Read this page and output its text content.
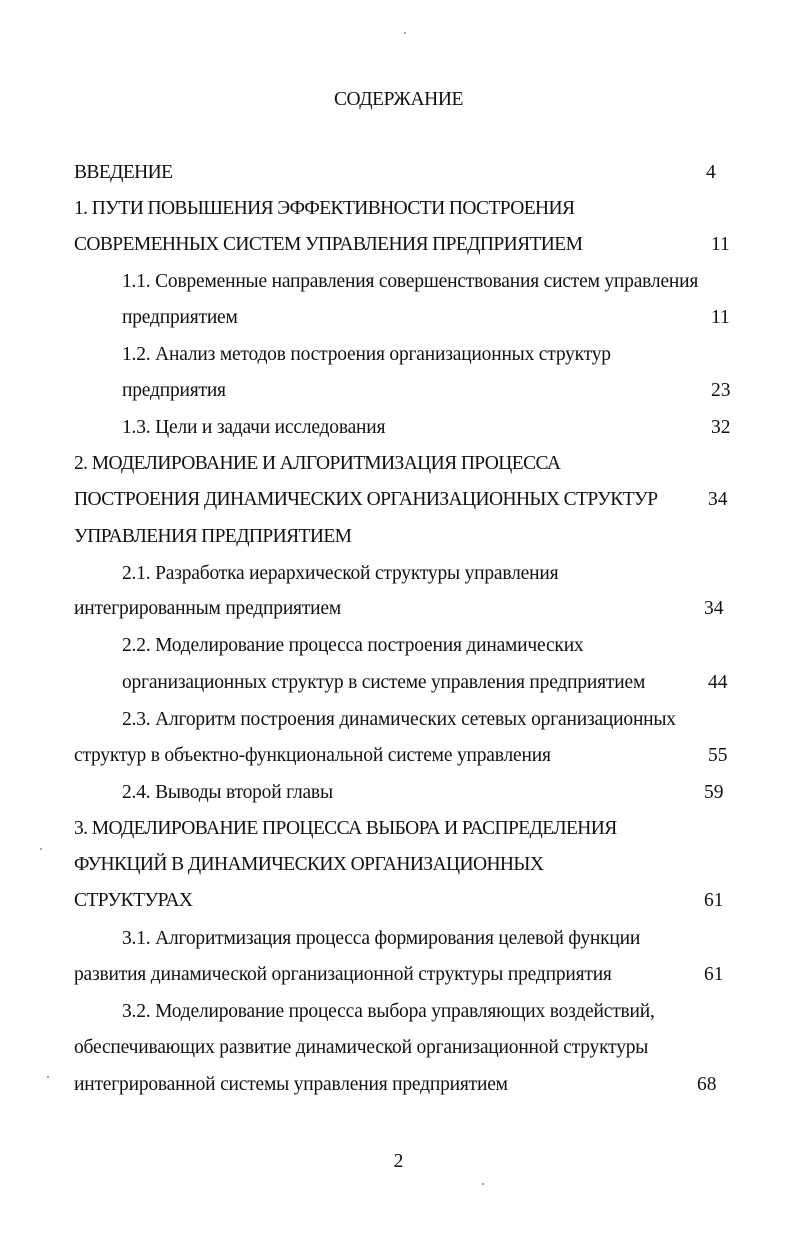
СОДЕРЖАНИЕ
ВВЕДЕНИЕ	4
1. ПУТИ ПОВЫШЕНИЯ ЭФФЕКТИВНОСТИ ПОСТРОЕНИЯ
СОВРЕМЕННЫХ СИСТЕМ УПРАВЛЕНИЯ ПРЕДПРИЯТИЕМ	11
1.1. Современные направления совершенствования систем управления
предприятием	11
1.2. Анализ методов построения организационных структур
предприятия	23
1.3. Цели и задачи исследования	32
2. МОДЕЛИРОВАНИЕ И АЛГОРИТМИЗАЦИЯ ПРОЦЕССА
ПОСТРОЕНИЯ ДИНАМИЧЕСКИХ ОРГАНИЗАЦИОННЫХ СТРУКТУР	34
УПРАВЛЕНИЯ ПРЕДПРИЯТИЕМ
2.1. Разработка иерархической структуры управления
интегрированным предприятием	34
2.2. Моделирование процесса построения динамических
организационных структур в системе управления предприятием	44
2.3. Алгоритм построения динамических сетевых организационных
структур в объектно-функциональной системе управления	55
2.4. Выводы второй главы	59
3. МОДЕЛИРОВАНИЕ ПРОЦЕССА ВЫБОРА И РАСПРЕДЕЛЕНИЯ
ФУНКЦИЙ В ДИНАМИЧЕСКИХ ОРГАНИЗАЦИОННЫХ
СТРУКТУРАХ	61
3.1. Алгоритмизация процесса формирования целевой функции
развития динамической организационной структуры предприятия	61
3.2. Моделирование процесса выбора управляющих воздействий,
обеспечивающих развитие динамической организационной структуры
интегрированной системы управления предприятием	68
2
